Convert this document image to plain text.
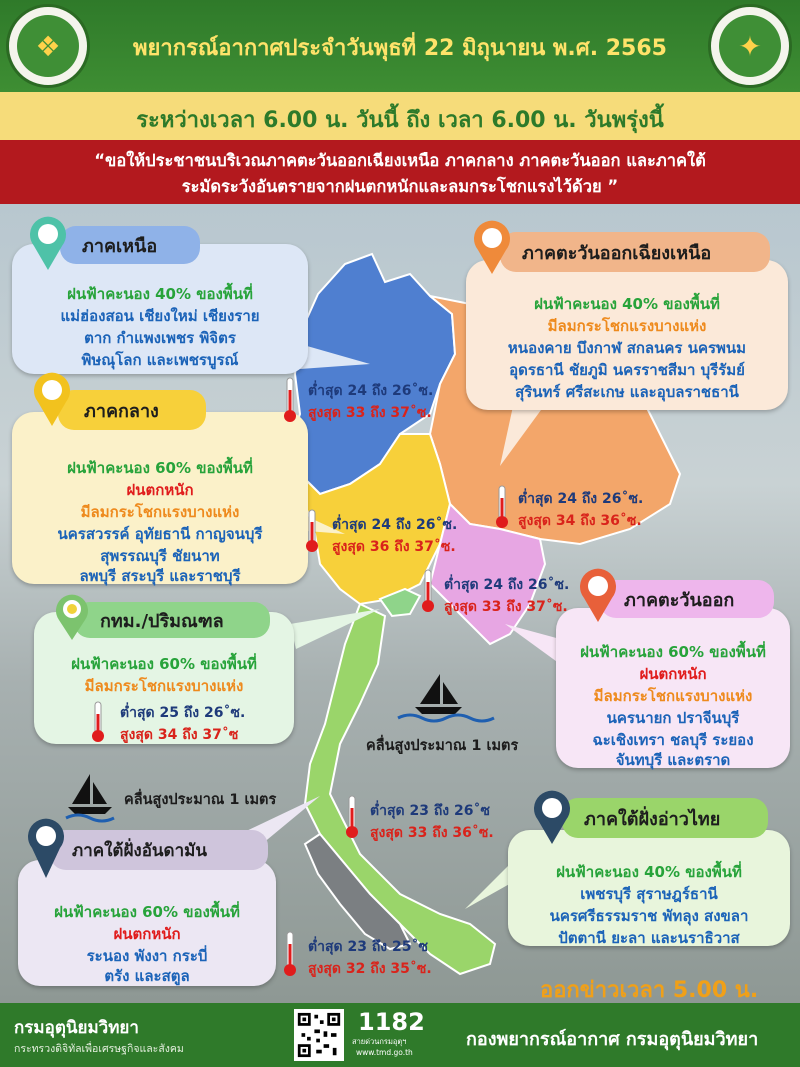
❖	✦
พยากรณ์อากาศประจำวันพุธที่ 22 มิถุนายน พ.ศ. 2565
ระหว่างเวลา 6.00 น. วันนี้ ถึง เวลา 6.00 น. วันพรุ่งนี้
“ขอให้ประชาชนบริเวณภาคตะวันออกเฉียงเหนือ ภาคกลาง ภาคตะวันออก และภาคใต้
ระมัดระวังอันตรายจากฝนตกหนักและลมกระโชกแรงไว้ด้วย ”
ฝนฟ้าคะนอง 40% ของพื้นที่
แม่ฮ่องสอน เชียงใหม่ เชียงราย
ตาก กำแพงเพชร พิจิตร
พิษณุโลก และเพชรบูรณ์
ภาคเหนือ
ฝนฟ้าคะนอง 40% ของพื้นที่
มีลมกระโชกแรงบางแห่ง
หนองคาย บึงกาฬ สกลนคร นครพนม
อุดรธานี ชัยภูมิ นครราชสีมา บุรีรัมย์
สุรินทร์ ศรีสะเกษ และอุบลราชธานี
ภาคตะวันออกเฉียงเหนือ
ฝนฟ้าคะนอง 60% ของพื้นที่
ฝนตกหนัก
มีลมกระโชกแรงบางแห่ง
นครสวรรค์ อุทัยธานี กาญจนบุรี
สุพรรณบุรี ชัยนาท
ลพบุรี สระบุรี และราชบุรี
ภาคกลาง
ฝนฟ้าคะนอง 60% ของพื้นที่
มีลมกระโชกแรงบางแห่ง
กทม./ปริมณฑล
ต่ำสุด 25 ถึง 26˚ซ.
สูงสุด 34 ถึง 37˚ซ
ฝนฟ้าคะนอง 60% ของพื้นที่
ฝนตกหนัก
มีลมกระโชกแรงบางแห่ง
นครนายก ปราจีนบุรี
ฉะเชิงเทรา ชลบุรี ระยอง
จันทบุรี และตราด
ภาคตะวันออก
ฝนฟ้าคะนอง 40% ของพื้นที่
เพชรบุรี สุราษฎร์ธานี
นครศรีธรรมราช พัทลุง สงขลา
ปัตตานี ยะลา และนราธิวาส
ภาคใต้ฝั่งอ่าวไทย
ฝนฟ้าคะนอง 60% ของพื้นที่
ฝนตกหนัก
ระนอง พังงา กระบี่
ตรัง และสตูล
ภาคใต้ฝั่งอันดามัน
ต่ำสุด 24 ถึง 26˚ซ.
สูงสุด 33 ถึง 37˚ซ.
ต่ำสุด 24 ถึง 26˚ซ.
สูงสุด 34 ถึง 36˚ซ.
ต่ำสุด 24 ถึง 26˚ซ.
สูงสุด 36 ถึง 37˚ซ.
ต่ำสุด 24 ถึง 26˚ซ.
สูงสุด 33 ถึง 37˚ซ.
ต่ำสุด 23 ถึง 26˚ซ
สูงสุด 33 ถึง 36˚ซ.
ต่ำสุด 23 ถึง 25˚ซ
สูงสุด 32 ถึง 35˚ซ.
คลื่นสูงประมาณ 1 เมตร
คลื่นสูงประมาณ 1 เมตร
ออกข่าวเวลา 5.00 น.
กรมอุตุนิยมวิทยา
กระทรวงดิจิทัลเพื่อเศรษฐกิจและสังคม
1182
สายด่วนกรมอุตุฯ
www.tmd.go.th
กองพยากรณ์อากาศ กรมอุตุนิยมวิทยา
